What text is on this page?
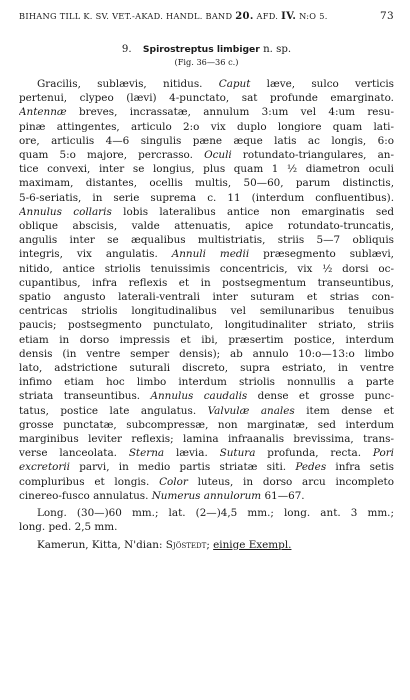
BIHANG TILL K. SV. VET.-AKAD. HANDL. BAND 20. AFD. IV. N:O 5.	73
9. Spirostreptus limbiger n. sp.
(Fig. 36—36 c.)
Gracilis, sublævis, nitidus. Caput læve, sulco verticis
pertenui, clypeo (lævi) 4-punctato, sat profunde emarginato.
Antennæ breves, incrassatæ, annulum 3:um vel 4:um resu-
pinæ attingentes, articulo 2:o vix duplo longiore quam lati-
ore, articulis 4—6 singulis pæne æque latis ac longis, 6:o
quam 5:o majore, percrasso. Oculi rotundato-triangulares, an-
tice convexi, inter se longius, plus quam 1 ½ diametron oculi
maximam, distantes, ocellis multis, 50—60, parum distinctis,
5-6-seriatis, in serie suprema c. 11 (interdum confluentibus).
Annulus collaris lobis lateralibus antice non emarginatis sed
oblique abscisis, valde attenuatis, apice rotundato-truncatis,
angulis inter se æqualibus multistriatis, striis 5—7 obliquis
integris, vix angulatis. Annuli medii præsegmento sublævi,
nitido, antice striolis tenuissimis concentricis, vix ½ dorsi oc-
cupantibus, infra reflexis et in postsegmentum transeuntibus,
spatio angusto laterali-ventrali inter suturam et strias con-
centricas striolis longitudinalibus vel semilunaribus tenuibus
paucis; postsegmento punctulato, longitudinaliter striato, striis
etiam in dorso impressis et ibi, præsertim postice, interdum
densis (in ventre semper densis); ab annulo 10:o—13:o limbo
lato, adstrictione suturali discreto, supra estriato, in ventre
infimo etiam hoc limbo interdum striolis nonnullis a parte
striata transeuntibus. Annulus caudalis dense et grosse punc-
tatus, postice late angulatus. Valvulæ anales item dense et
grosse punctatæ, subcompressæ, non marginatæ, sed interdum
marginibus leviter reflexis; lamina infraanalis brevissima, trans-
verse lanceolata. Sterna lævia. Sutura profunda, recta. Pori
excretorii parvi, in medio partis striatæ siti. Pedes infra setis
compluribus et longis. Color luteus, in dorso arcu incompleto
cinereo-fusco annulatus. Numerus annulorum 61—67.
Long. (30—)60 mm.; lat. (2—)4,5 mm.; long. ant. 3 mm.;
long. ped. 2,5 mm.
Kamerun, Kitta, N'dian: Sjöstedt; einige Exempl.
